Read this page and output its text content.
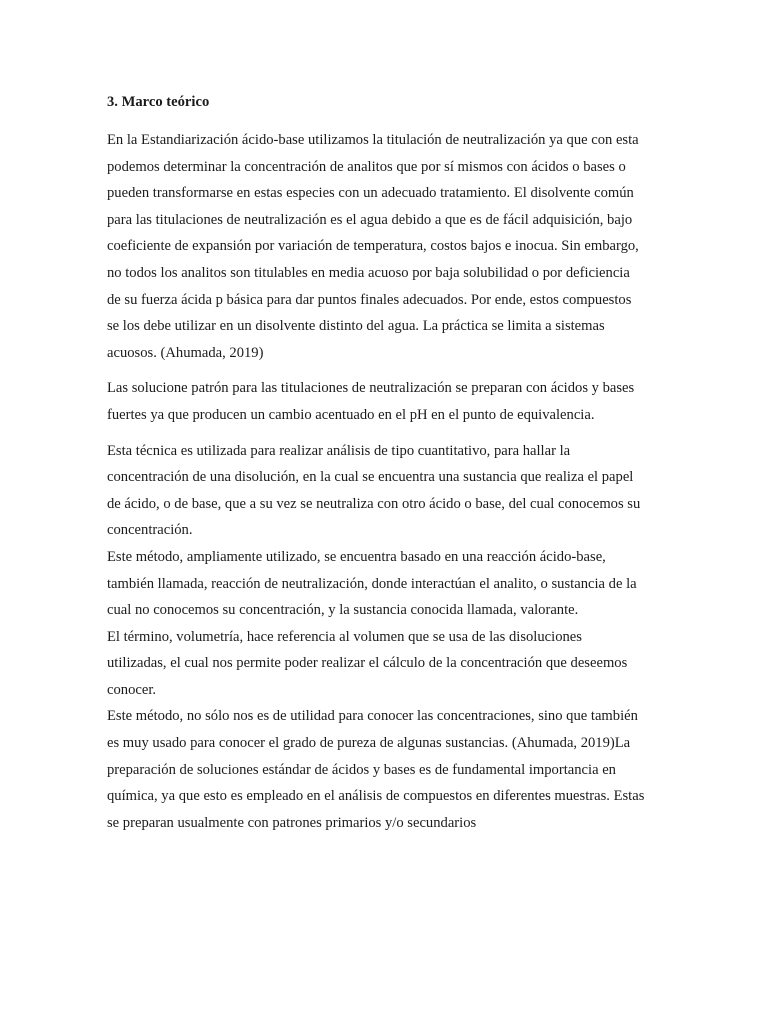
3. Marco teórico
En la Estandiarización ácido-base utilizamos la titulación de neutralización ya que con esta
podemos determinar la concentración de analitos que por sí mismos con ácidos o bases o
pueden transformarse en estas especies con un adecuado tratamiento. El disolvente común
para las titulaciones de neutralización es el agua debido a que es de fácil adquisición, bajo
coeficiente de expansión por variación de temperatura, costos bajos e inocua. Sin embargo,
no todos los analitos son titulables en media acuoso por baja solubilidad o por deficiencia
de su fuerza ácida p básica para dar puntos finales adecuados. Por ende, estos compuestos
se los debe utilizar en un disolvente distinto del agua. La práctica se limita a sistemas
acuosos. (Ahumada, 2019)
Las solucione patrón para las titulaciones de neutralización se preparan con ácidos y bases
fuertes ya que producen un cambio acentuado en el pH en el punto de equivalencia.
Esta técnica es utilizada para realizar análisis de tipo cuantitativo, para hallar la
concentración de una disolución, en la cual se encuentra una sustancia que realiza el papel
de ácido, o de base, que a su vez se neutraliza con otro ácido o base, del cual conocemos su
concentración.
Este método, ampliamente utilizado, se encuentra basado en una reacción ácido-base,
también llamada, reacción de neutralización, donde interactúan el analito, o sustancia de la
cual no conocemos su concentración, y la sustancia conocida llamada, valorante.
El término, volumetría, hace referencia al volumen que se usa de las disoluciones
utilizadas, el cual nos permite poder realizar el cálculo de la concentración que deseemos
conocer.
Este método, no sólo nos es de utilidad para conocer las concentraciones, sino que también
es muy usado para conocer el grado de pureza de algunas sustancias. (Ahumada, 2019)La
preparación de soluciones estándar de ácidos y bases es de fundamental importancia en
química, ya que esto es empleado en el análisis de compuestos en diferentes muestras. Estas
se preparan usualmente con patrones primarios y/o secundarios
